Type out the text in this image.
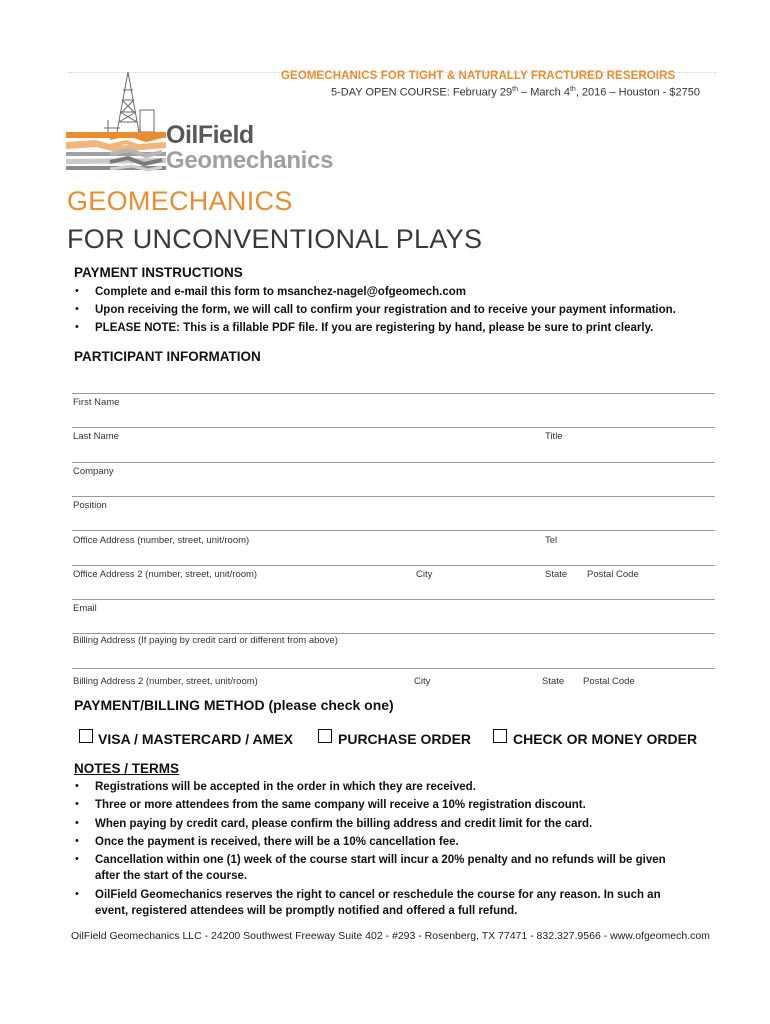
GEOMECHANICS FOR TIGHT & NATURALLY FRACTURED RESEROIRS
5-DAY OPEN COURSE: February 29th – March 4th, 2016 – Houston - $2750
OilField
Geomechanics
GEOMECHANICS
FOR UNCONVENTIONAL PLAYS
PAYMENT INSTRUCTIONS
• Complete and e-mail this form to msanchez-nagel@ofgeomech.com
• Upon receiving the form, we will call to confirm your registration and to receive your payment information.
• PLEASE NOTE: This is a fillable PDF file. If you are registering by hand, please be sure to print clearly.
PARTICIPANT INFORMATION
First Name
Last Name	Title
Company
Position
Office Address (number, street, unit/room)	Tel
Office Address 2 (number, street, unit/room)	City	State Postal Code
Email
Billing Address (If paying by credit card or different from above)
Billing Address 2 (number, street, unit/room)	City	State Postal Code
PAYMENT/BILLING METHOD (please check one)
VISA / MASTERCARD / AMEX	PURCHASE ORDER	CHECK OR MONEY ORDER
NOTES / TERMS
• Registrations will be accepted in the order in which they are received.
• Three or more attendees from the same company will receive a 10% registration discount.
• When paying by credit card, please confirm the billing address and credit limit for the card.
• Once the payment is received, there will be a 10% cancellation fee.
• Cancellation within one (1) week of the course start will incur a 20% penalty and no refunds will be given
after the start of the course.
• OilField Geomechanics reserves the right to cancel or reschedule the course for any reason. In such an
event, registered attendees will be promptly notified and offered a full refund.
OilField Geomechanics LLC - 24200 Southwest Freeway Suite 402 - #293 - Rosenberg, TX 77471 - 832.327.9566 - www.ofgeomech.com
